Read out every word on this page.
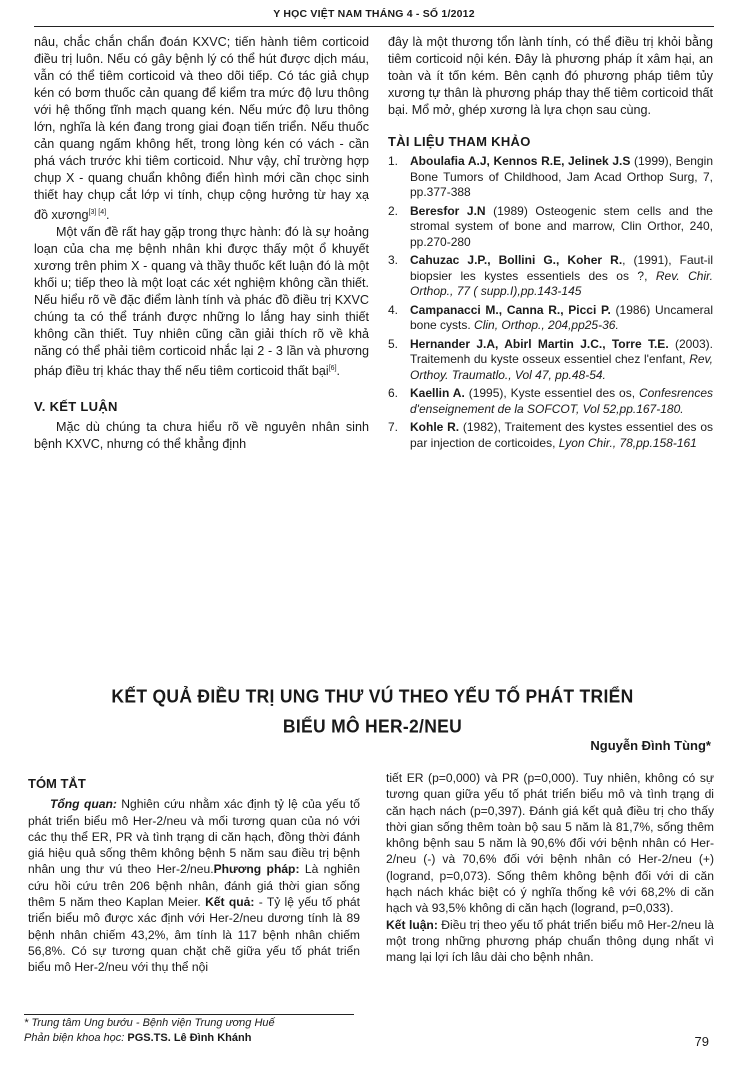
Y HỌC VIỆT NAM THÁNG 4 - SỐ 1/2012

nâu, chắc chắn chẩn đoán KXVC; tiến hành tiêm corticoid điều trị luôn. Nếu có gây bệnh lý có thể hút được dịch máu, vẫn có thể tiêm corticoid và theo dõi tiếp. Có tác giả chụp kén có bơm thuốc cản quang để kiểm tra mức độ lưu thông với hệ thống tĩnh mạch quang kén. Nếu mức độ lưu thông lớn, nghĩa là kén đang trong giai đoạn tiến triển. Nếu thuốc cản quang ngấm không hết, trong lòng kén có vách - cần phá vách trước khi tiêm corticoid. Như vậy, chỉ trường hợp chụp X - quang chuẩn không điển hình mới cần chọc sinh thiết hay chụp cắt lớp vi tính, chụp cộng hưởng từ hay xạ đồ xương[3] [4].

Một vấn đề rất hay gặp trong thực hành: đó là sự hoảng loạn của cha mẹ bệnh nhân khi được thấy một ổ khuyết xương trên phim X - quang và thầy thuốc kết luận đó là một khối u; tiếp theo là một loạt các xét nghiệm không cần thiết. Nếu hiểu rõ về đặc điểm lành tính và phác đồ điều trị KXVC chúng ta có thể tránh được những lo lắng hay sinh thiết không cần thiết. Tuy nhiên cũng cần giải thích rõ về khả năng có thể phải tiêm corticoid nhắc lại 2 - 3 lần và phương pháp điều trị khác thay thế nếu tiêm corticoid thất bại[6].

V. KẾT LUẬN

Mặc dù chúng ta chưa hiểu rõ về nguyên nhân sinh bệnh KXVC, nhưng có thể khẳng định

đây là một thương tổn lành tính, có thể điều trị khỏi bằng tiêm corticoid nội kén. Đây là phương pháp ít xâm hại, an toàn và ít tốn kém. Bên cạnh đó phương pháp tiêm tủy xương tự thân là phương pháp thay thế tiêm corticoid thất bại. Mổ mở, ghép xương là lựa chọn sau cùng.

TÀI LIỆU THAM KHẢO
1. Aboulafia A.J, Kennos R.E, Jelinek J.S (1999), Bengin Bone Tumors of Childhood, Jam Acad Orthop Surg, 7, pp.377-388
2. Beresfor J.N (1989) Osteogenic stem cells and the stromal system of bone and marrow, Clin Orthor, 240, pp.270-280
3. Cahuzac J.P., Bollini G., Koher R., (1991), Faut-il biopsier les kystes essentiels des os ?, Rev. Chir. Orthop., 77 ( supp.I),pp.143-145
4. Campanacci M., Canna R., Picci P. (1986) Uncameral bone cysts. Clin, Orthop., 204,pp25-36.
5. Hernander J.A, Abirl Martin J.C., Torre T.E. (2003). Traitemenh du kyste osseux essentiel chez l'enfant, Rev, Orthoy. Traumatlo., Vol 47, pp.48-54.
6. Kaellin A. (1995), Kyste essentiel des os, Confesrences d'enseignement de la SOFCOT, Vol 52,pp.167-180.
7. Kohle R. (1982), Traitement des kystes essentiel des os par injection de corticoides, Lyon Chir., 78,pp.158-161
KẾT QUẢ ĐIỀU TRỊ UNG THƯ VÚ THEO YẾU TỐ PHÁT TRIỂN
BIỂU MÔ HER-2/NEU
Nguyễn Đình Tùng*
TÓM TẮT

Tổng quan: Nghiên cứu nhằm xác định tỷ lệ của yếu tố phát triển biểu mô Her-2/neu và mối tương quan của nó với các thụ thể ER, PR và tình trạng di căn hạch, đồng thời đánh giá hiệu quả sống thêm không bệnh 5 năm sau điều trị bệnh nhân ung thư vú theo Her-2/neu.Phương pháp: Là nghiên cứu hồi cứu trên 206 bệnh nhân, đánh giá thời gian sống thêm 5 năm theo Kaplan Meier. Kết quả: - Tỷ lệ yếu tố phát triển biểu mô được xác định với Her-2/neu dương tính là 89 bệnh nhân chiếm 43,2%, âm tính là 117 bệnh nhân chiếm 56,8%. Có sự tương quan chặt chẽ giữa yếu tố phát triển biểu mô Her-2/neu với thụ thể nội

tiết ER (p=0,000) và PR (p=0,000). Tuy nhiên, không có sự tương quan giữa yếu tố phát triển biểu mô và tình trạng di căn hạch nách (p=0,397). Đánh giá kết quả điều trị cho thấy thời gian sống thêm toàn bộ sau 5 năm là 81,7%, sống thêm không bệnh sau 5 năm là 90,6% đối với bệnh nhân có Her-2/neu (-) và 70,6% đối với bệnh nhân có Her-2/neu (+) (logrand, p=0,073). Sống thêm không bệnh đối với di căn hạch nách khác biệt có ý nghĩa thống kê với 68,2% di căn hạch và 93,5% không di căn hạch (logrand, p=0,033).

Kết luận: Điều trị theo yếu tố phát triển biểu mô Her-2/neu là một trong những phương pháp chuẩn thông dụng nhất vì mang lại lợi ích lâu dài cho bệnh nhân.

* Trung tâm Ung bướu - Bệnh viện Trung ương Huế
Phản biện khoa học: PGS.TS. Lê Đình Khánh	79
